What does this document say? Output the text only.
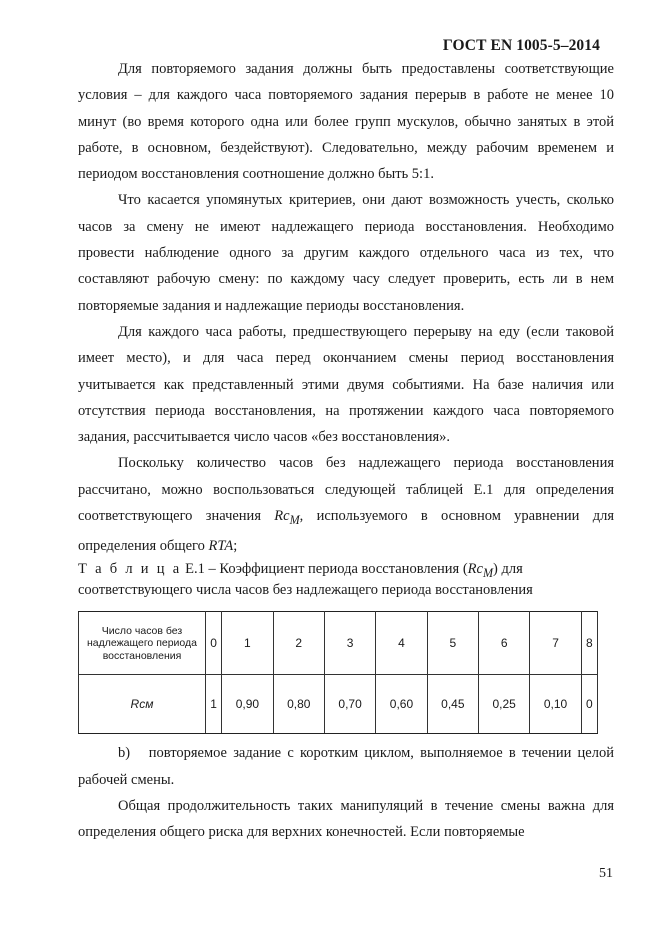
ГОСТ EN 1005-5–2014

Для повторяемого задания должны быть предоставлены соответствующие условия – для каждого часа повторяемого задания перерыв в работе не менее 10 минут (во время которого одна или более групп мускулов, обычно занятых в этой работе, в основном, бездействуют). Следовательно, между рабочим временем и периодом восстановления соотношение должно быть 5:1.

Что касается упомянутых критериев, они дают возможность учесть, сколько часов за смену не имеют надлежащего периода восстановления. Необходимо провести наблюдение одного за другим каждого отдельного часа из тех, что составляют рабочую смену: по каждому часу следует проверить, есть ли в нем повторяемые задания и надлежащие периоды восстановления.

Для каждого часа работы, предшествующего перерыву на еду (если таковой имеет место), и для часа перед окончанием смены период восстановления учитывается как представленный этими двумя событиями. На базе наличия или отсутствия периода восстановления, на протяжении каждого часа повторяемого задания, рассчитывается число часов «без восстановления».

Поскольку количество часов без надлежащего периода восстановления рассчитано, можно воспользоваться следующей таблицей Е.1 для определения соответствующего значения $Rc_M$, используемого в основном уравнении для определения общего RTA;

Т а б л и ц а Е.1 – Коэффициент периода восстановления $(Rc_M)$ для соответствующего числа часов без надлежащего периода восстановления

Число часов без надлежащего периода восстановления	0	1	2	3	4	5	6	7	8
Rcм	1	0,90	0,80	0,70	0,60	0,45	0,25	0,10	0

b) повторяемое задание с коротким циклом, выполняемое в течении целой рабочей смены.

Общая продолжительность таких манипуляций в течение смены важна для определения общего риска для верхних конечностей. Если повторяемые

51
